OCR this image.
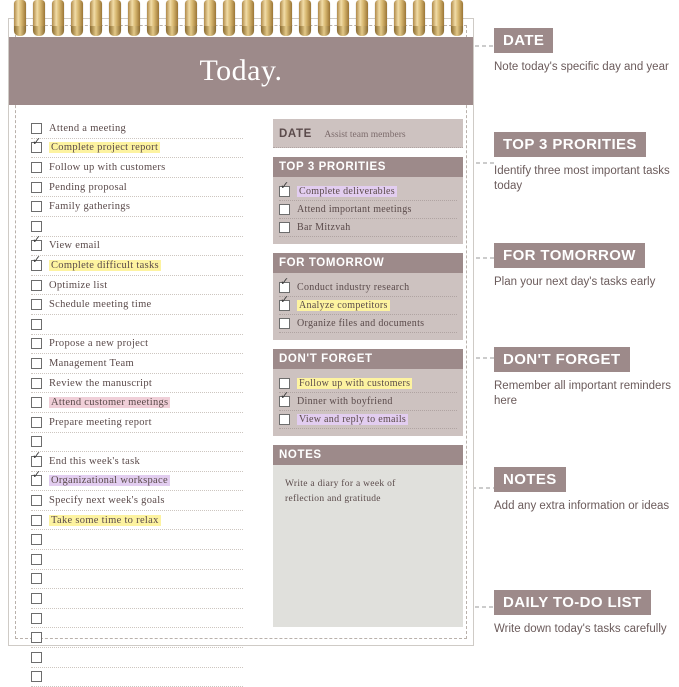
Today.
Attend a meeting
✓
Complete project report
Follow up with customers
Pending proposal
Family gatherings
✓
View email
✓
Complete difficult tasks
Optimize list
Schedule meeting time
Propose a new project
Management Team
Review the manuscript
Attend customer meetings
Prepare meeting report
✓
End this week's task
✓
Organizational workspace
Specify next week's goals
Take some time to relax
DATE Assist team members
TOP 3 PRORITIES
✓
Complete deliverables
Attend important meetings
Bar Mitzvah
FOR TOMORROW
✓
Conduct industry research
✓
Analyze competitors
Organize files and documents
DON'T FORGET
Follow up with customers
✓
Dinner with boyfriend
View and reply to emails
NOTES
Write a diary for a week of
reflection and gratitude
DATE
Note today's specific day and year
TOP 3 PRORITIES
Identify three most important tasks today
FOR TOMORROW
Plan your next day's tasks early
DON'T FORGET
Remember all important reminders here
NOTES
Add any extra information or ideas
DAILY TO-DO LIST
Write down today's tasks carefully
